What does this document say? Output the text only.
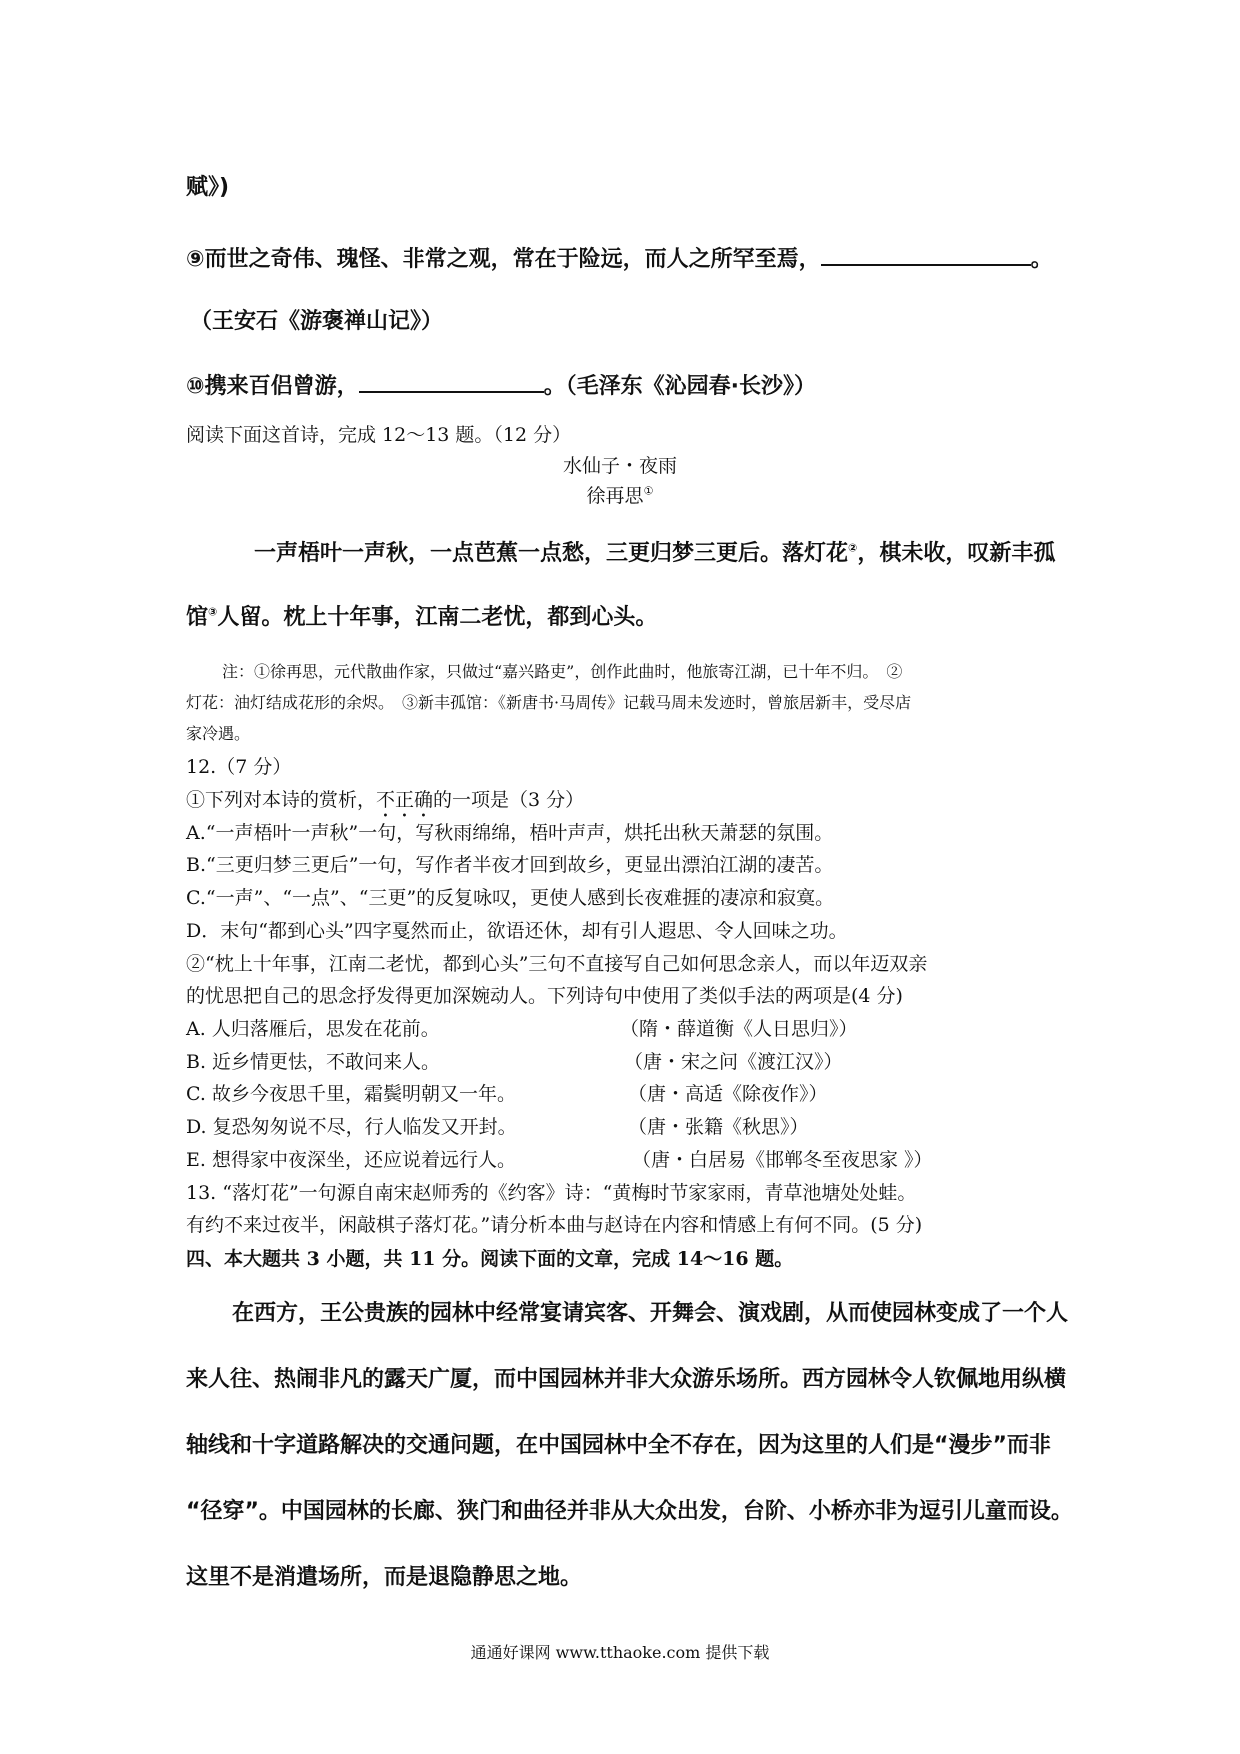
赋》)
⑨而世之奇伟、瑰怪、非常之观，常在于险远，而人之所罕至焉，	。
（王安石《游褒禅山记》）
⑩携来百侣曾游，	。（毛泽东《沁园春·长沙》）
阅读下面这首诗，完成 12～13 题。（12 分）
水仙子・夜雨
徐再思①
一声梧叶一声秋，一点芭蕉一点愁，三更归梦三更后。落灯花②，棋未收，叹新丰孤
馆③人留。枕上十年事，江南二老忧，都到心头。
注：①徐再思，元代散曲作家，只做过“嘉兴路吏”，创作此曲时，他旅寄江湖，已十年不归。　②
灯花：油灯结成花形的余烬。　③新丰孤馆：《新唐书·马周传》记载马周未发迹时，曾旅居新丰，受尽店
家冷遇。
12.（7 分）
①下列对本诗的赏析，不正确的一项是（3 分）
A.“一声梧叶一声秋”一句，写秋雨绵绵，梧叶声声，烘托出秋天萧瑟的氛围。
B.“三更归梦三更后”一句，写作者半夜才回到故乡，更显出漂泊江湖的凄苦。
C.“一声”、“一点”、“三更”的反复咏叹，更使人感到长夜难捱的凄凉和寂寞。
D．末句“都到心头”四字戛然而止，欲语还休，却有引人遐思、令人回味之功。
②“枕上十年事，江南二老忧，都到心头”三句不直接写自己如何思念亲人，而以年迈双亲
的忧思把自己的思念抒发得更加深婉动人。下列诗句中使用了类似手法的两项是(4 分)
A. 人归落雁后，思发在花前。	（隋・薛道衡《人日思归》）
B. 近乡情更怯，不敢问来人。	（唐・宋之问《渡江汉》）
C. 故乡今夜思千里，霜鬓明朝又一年。	（唐・高适《除夜作》）
D. 复恐匆匆说不尽，行人临发又开封。	（唐・张籍《秋思》）
E. 想得家中夜深坐，还应说着远行人。	（唐・白居易《邯郸冬至夜思家 》）
13. “落灯花”一句源自南宋赵师秀的《约客》诗：“黄梅时节家家雨，青草池塘处处蛙。
有约不来过夜半，闲敲棋子落灯花。”请分析本曲与赵诗在内容和情感上有何不同。(5 分)
四、本大题共 3 小题，共 11 分。阅读下面的文章，完成 14～16 题。
在西方，王公贵族的园林中经常宴请宾客、开舞会、演戏剧，从而使园林变成了一个人
来人往、热闹非凡的露天广厦，而中国园林并非大众游乐场所。西方园林令人钦佩地用纵横
轴线和十字道路解决的交通问题，在中国园林中全不存在，因为这里的人们是“漫步”而非
“径穿”。中国园林的长廊、狭门和曲径并非从大众出发，台阶、小桥亦非为逗引儿童而设。
这里不是消遣场所，而是退隐静思之地。
通通好课网 www.tthaoke.com 提供下载
